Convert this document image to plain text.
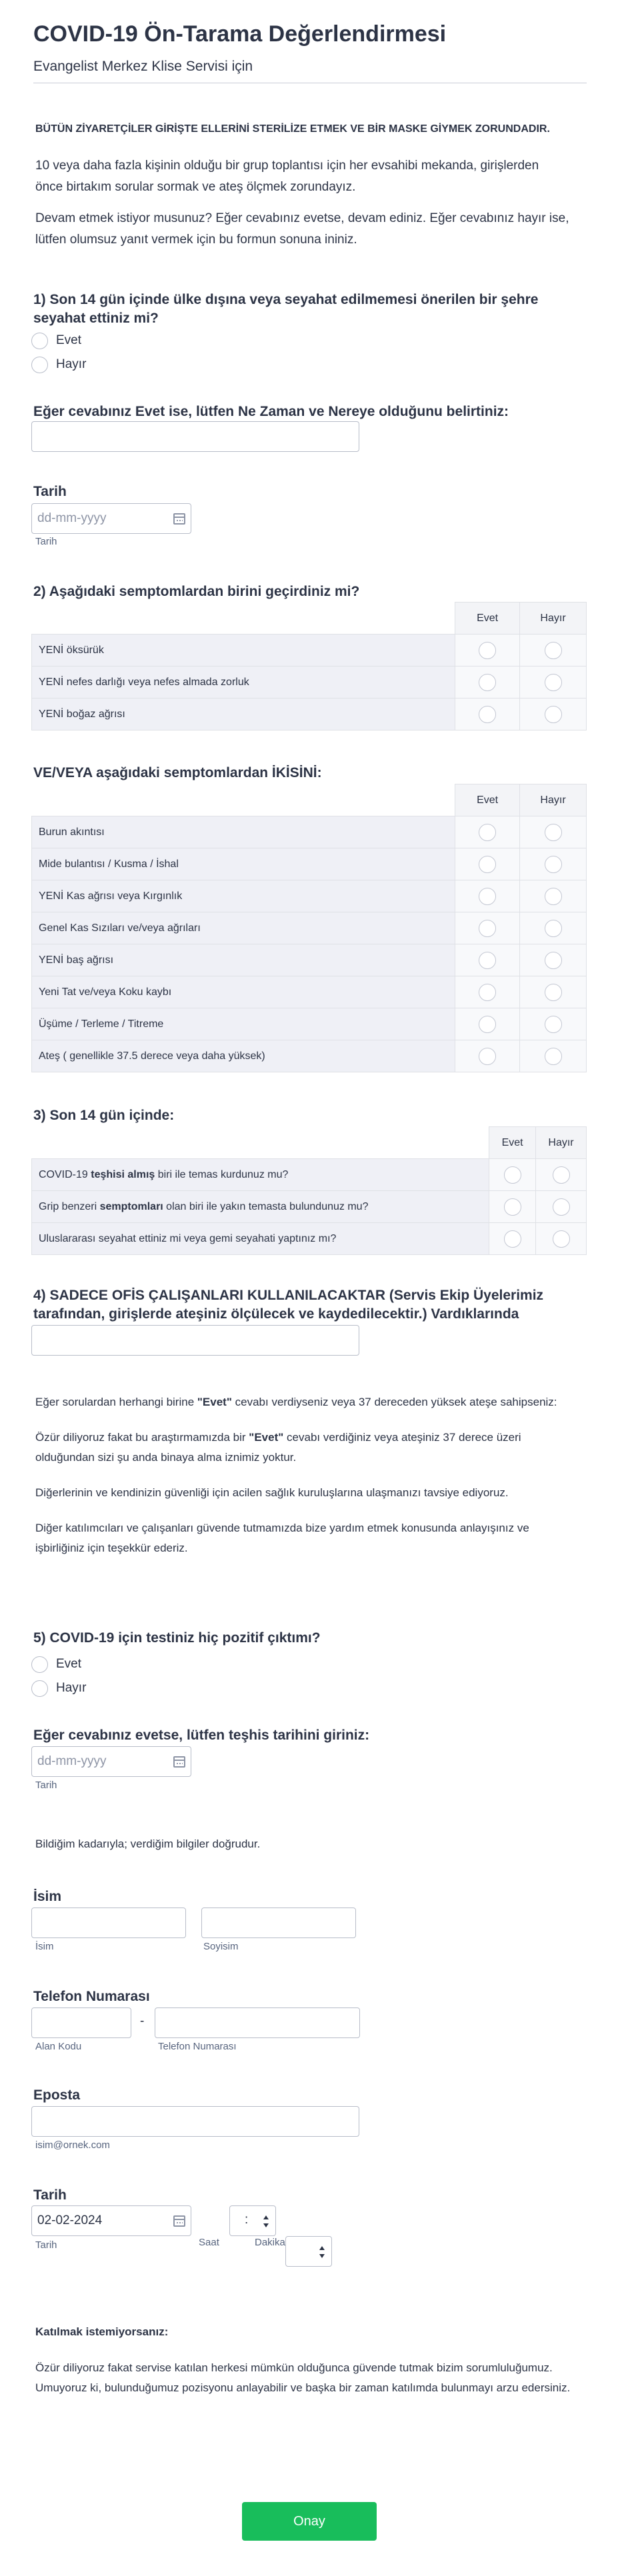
COVID-19 Ön-Tarama Değerlendirmesi
Evangelist Merkez Klise Servisi için
BÜTÜN ZİYARETÇİLER GİRİŞTE ELLERİNİ STERİLİZE ETMEK VE BİR MASKE GİYMEK ZORUNDADIR.
10 veya daha fazla kişinin olduğu bir grup toplantısı için her evsahibi mekanda, girişlerden önce birtakım sorular sormak ve ateş ölçmek zorundayız.
Devam etmek istiyor musunuz? Eğer cevabınız evetse, devam ediniz. Eğer cevabınız hayır ise, lütfen olumsuz yanıt vermek için bu formun sonuna ininiz.
1) Son 14 gün içinde ülke dışına veya seyahat edilmemesi önerilen bir şehre seyahat ettiniz mi?
Evet
Hayır
Eğer cevabınız Evet ise, lütfen Ne Zaman ve Nereye olduğunu belirtiniz:
Tarih
dd-mm-yyyy
Tarih
2) Aşağıdaki semptomlardan birini geçirdiniz mi?
	Evet	Hayır
YENİ öksürük		
YENİ nefes darlığı veya nefes almada zorluk		
YENİ boğaz ağrısı		
VE/VEYA aşağıdaki semptomlardan İKİSİNİ:
	Evet	Hayır
Burun akıntısı		
Mide bulantısı / Kusma / İshal		
YENİ Kas ağrısı veya Kırgınlık		
Genel Kas Sızıları ve/veya ağrıları		
YENİ baş ağrısı		
Yeni Tat ve/veya Koku kaybı		
Üşüme / Terleme / Titreme		
Ateş ( genellikle 37.5 derece veya daha yüksek)		
3) Son 14 gün içinde:
	Evet	Hayır
COVID-19 teşhisi almış biri ile temas kurdunuz mu?		
Grip benzeri semptomları olan biri ile yakın temasta bulundunuz mu?		
Uluslararası seyahat ettiniz mi veya gemi seyahati yaptınız mı?		
4) SADECE OFİS ÇALIŞANLARI KULLANILACAKTAR (Servis Ekip Üyelerimiz tarafından, girişlerde ateşiniz ölçülecek ve kaydedilecektir.) Vardıklarında
Eğer sorulardan herhangi birine "Evet" cevabı verdiyseniz veya 37 dereceden yüksek ateşe sahipseniz:
Özür diliyoruz fakat bu araştırmamızda bir "Evet" cevabı verdiğiniz veya ateşiniz 37 derece üzeri olduğundan sizi şu anda binaya alma iznimiz yoktur.
Diğerlerinin ve kendinizin güvenliği için acilen sağlık kuruluşlarına ulaşmanızı tavsiye ediyoruz.
Diğer katılımcıları ve çalışanları güvende tutmamızda bize yardım etmek konusunda anlayışınız ve işbirliğiniz için teşekkür ederiz.
5) COVID-19 için testiniz hiç pozitif çıktımı?
Evet
Hayır
Eğer cevabınız evetse, lütfen teşhis tarihini giriniz:
dd-mm-yyyy
Tarih
Bildiğim kadarıyla; verdiğim bilgiler doğrudur.
İsim
İsim	Soyisim
Telefon Numarası
-
Alan Kodu	Telefon Numarası
Eposta
isim@ornek.com
Tarih
02-02-2024
Tarih
:
Saat	Dakika
Katılmak istemiyorsanız:
Özür diliyoruz fakat servise katılan herkesi mümkün olduğunca güvende tutmak bizim sorumluluğumuz. Umuyoruz ki, bulunduğumuz pozisyonu anlayabilir ve başka bir zaman katılımda bulunmayı arzu edersiniz.
Onay
